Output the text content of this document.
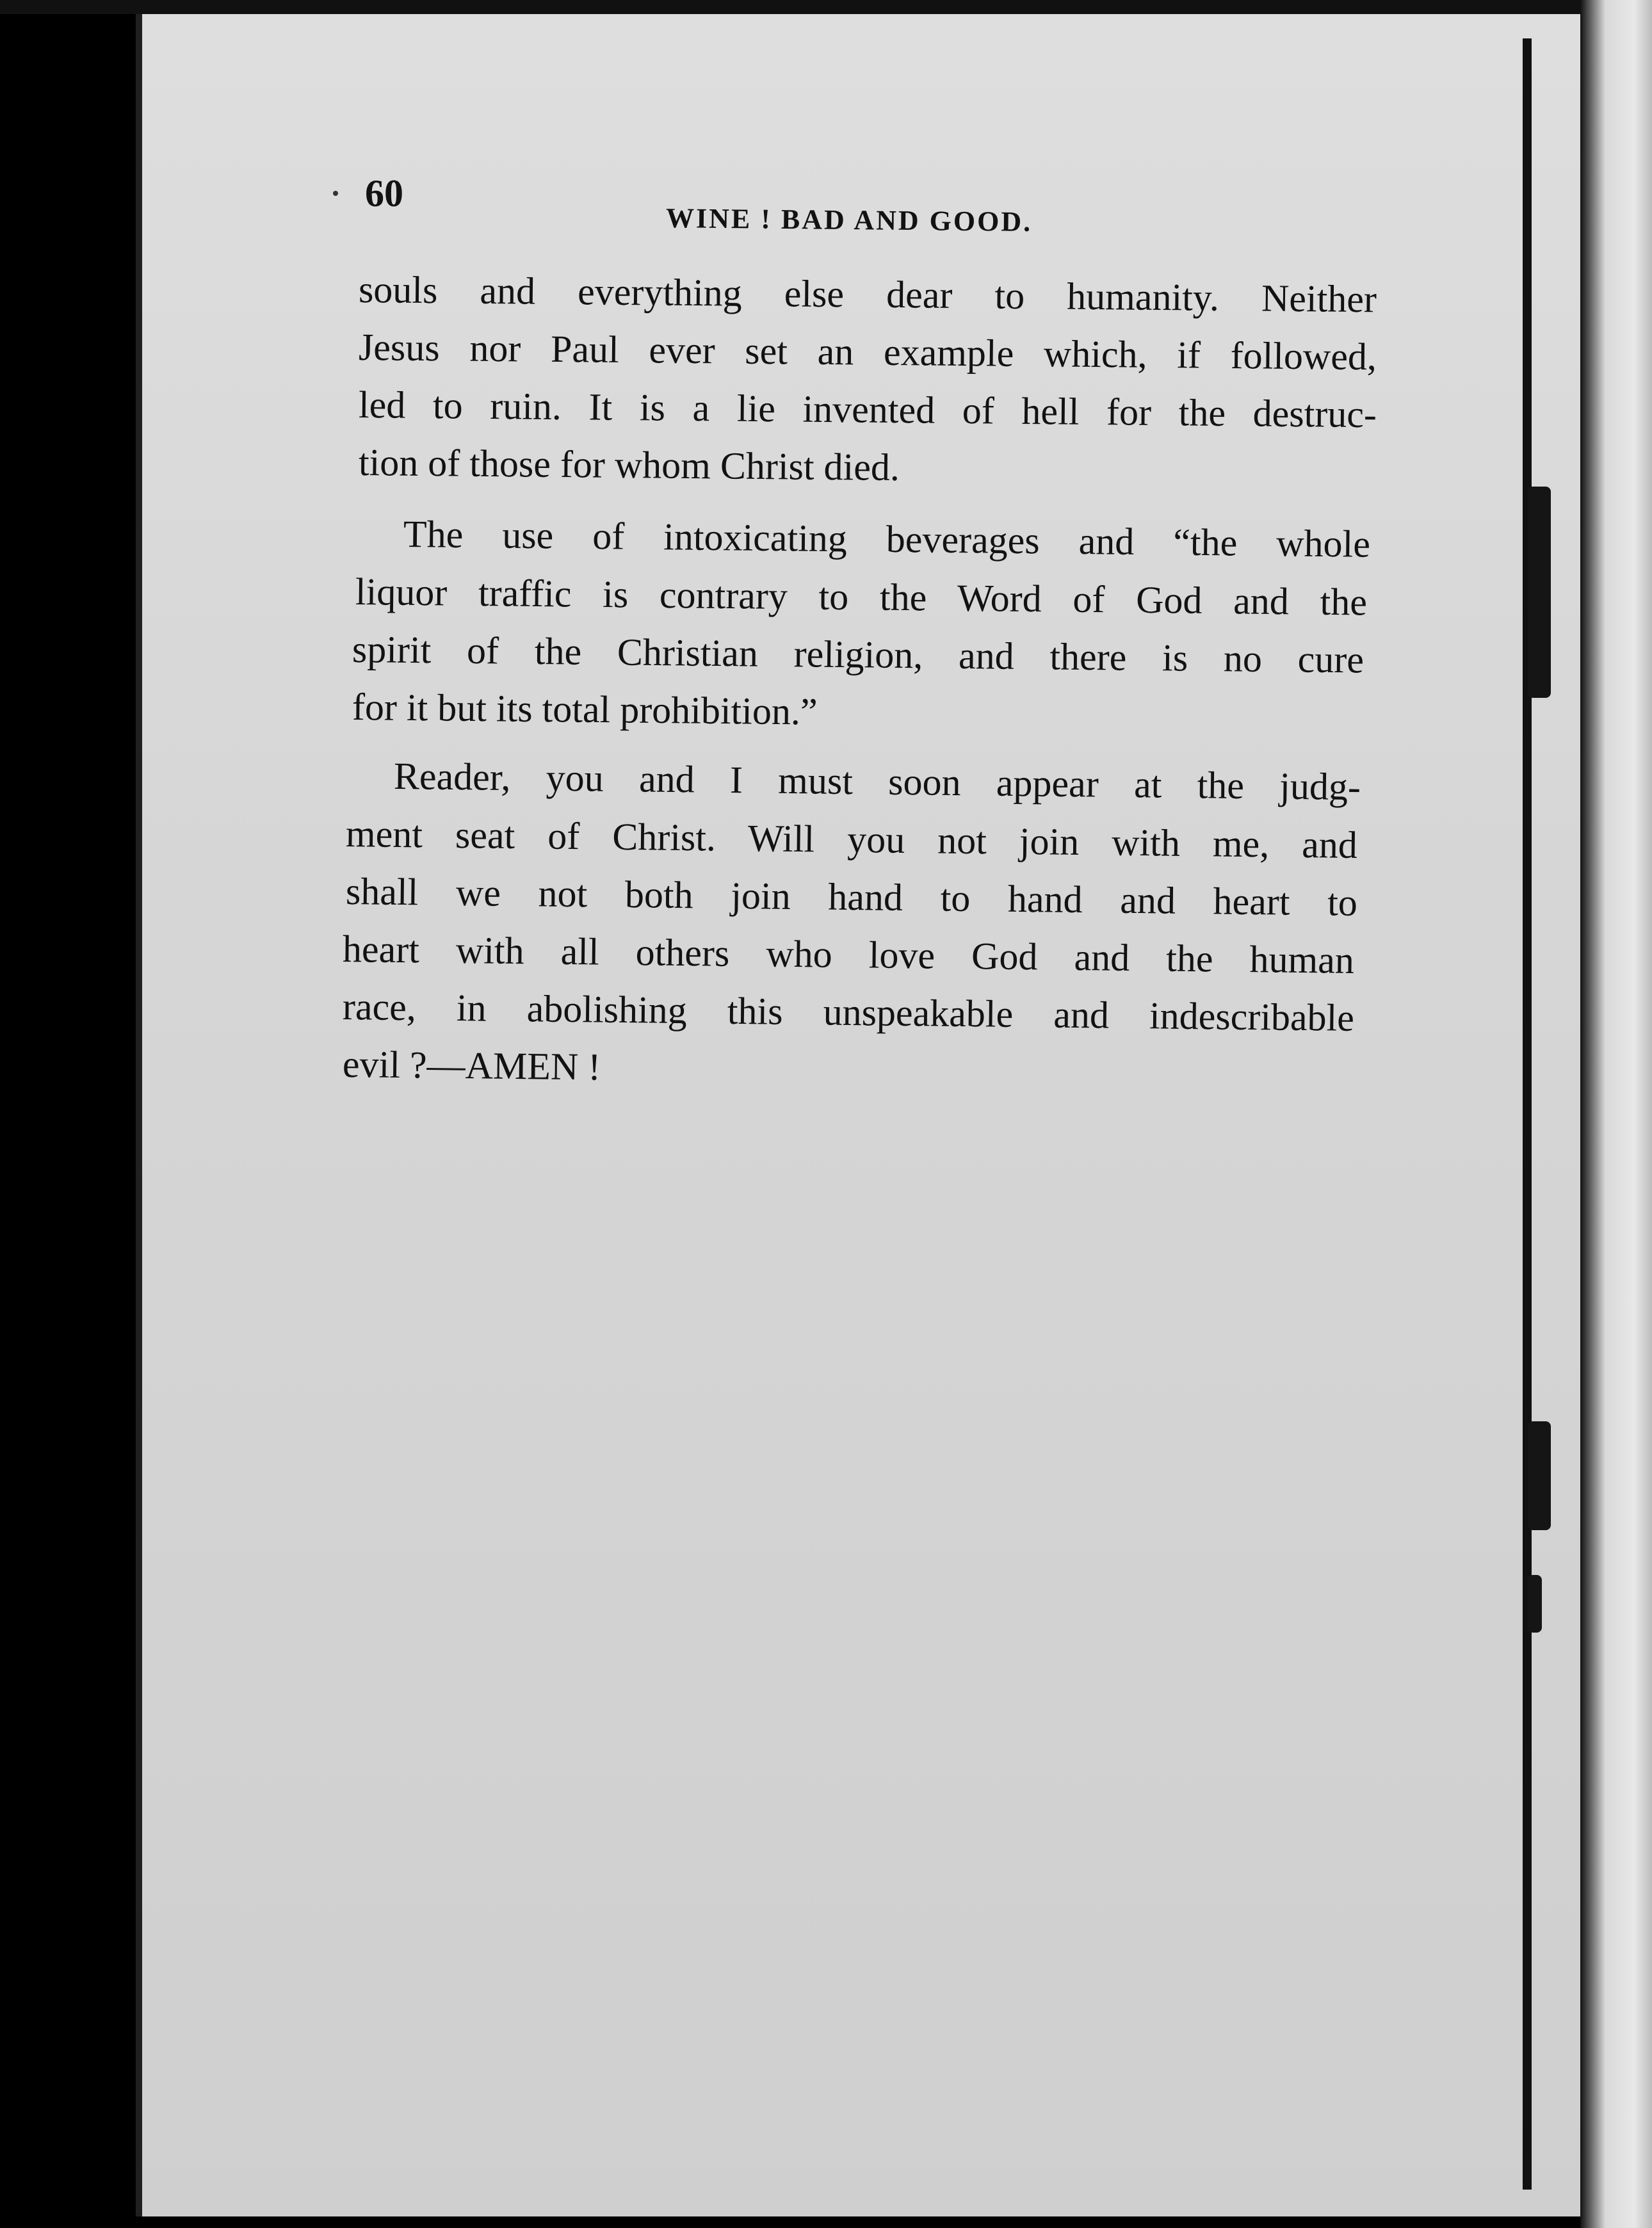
60
WINE ! BAD AND GOOD.
souls and everything else dear to humanity. Neither
Jesus nor Paul ever set an example which, if followed,
led to ruin. It is a lie invented of hell for the destruc-
tion of those for whom Christ died.
The use of intoxicating beverages and “the whole
liquor traffic is contrary to the Word of God and the
spirit of the Christian religion, and there is no cure
for it but its total prohibition.”
Reader, you and I must soon appear at the judg-
ment seat of Christ. Will you not join with me, and
shall we not both join hand to hand and heart to
heart with all others who love God and the human
race, in abolishing this unspeakable and indescribable
evil ?—AMEN !
